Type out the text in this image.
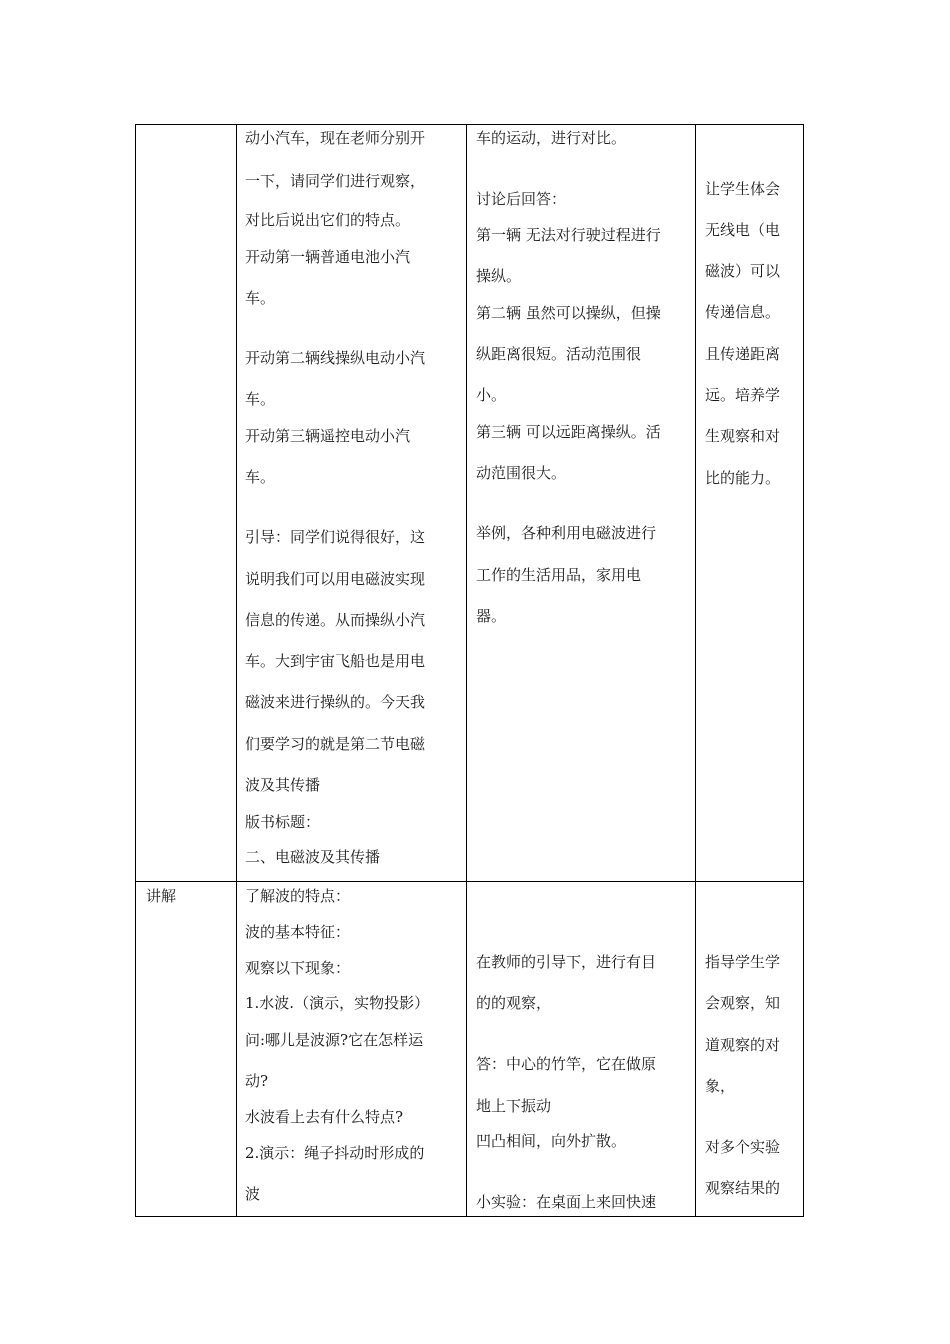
动小汽车，现在老师分别开
一下，请同学们进行观察，
对比后说出它们的特点。
开动第一辆普通电池小汽
车。
开动第二辆线操纵电动小汽
车。
开动第三辆遥控电动小汽
车。
引导：同学们说得很好，这
说明我们可以用电磁波实现
信息的传递。从而操纵小汽
车。大到宇宙飞船也是用电
磁波来进行操纵的。今天我
们要学习的就是第二节电磁
波及其传播
版书标题：
二、电磁波及其传播
车的运动，进行对比。
讨论后回答：
第一辆 无法对行驶过程进行
操纵。
第二辆 虽然可以操纵，但操
纵距离很短。活动范围很
小。
第三辆 可以远距离操纵。活
动范围很大。
举例，各种利用电磁波进行
工作的生活用品，家用电
器。
让学生体会
无线电（电
磁波）可以
传递信息。
且传递距离
远。培养学
生观察和对
比的能力。
讲解	了解波的特点：
波的基本特征：
观察以下现象：
1.水波.（演示，实物投影）
问:哪儿是波源?它在怎样运
动?
水波看上去有什么特点?
2.演示：绳子抖动时形成的
波
在教师的引导下，进行有目
的的观察，
答：中心的竹竿，它在做原
地上下振动
凹凸相间，向外扩散。
小实验：在桌面上来回快速
指导学生学
会观察，知
道观察的对
象，
对多个实验
观察结果的
